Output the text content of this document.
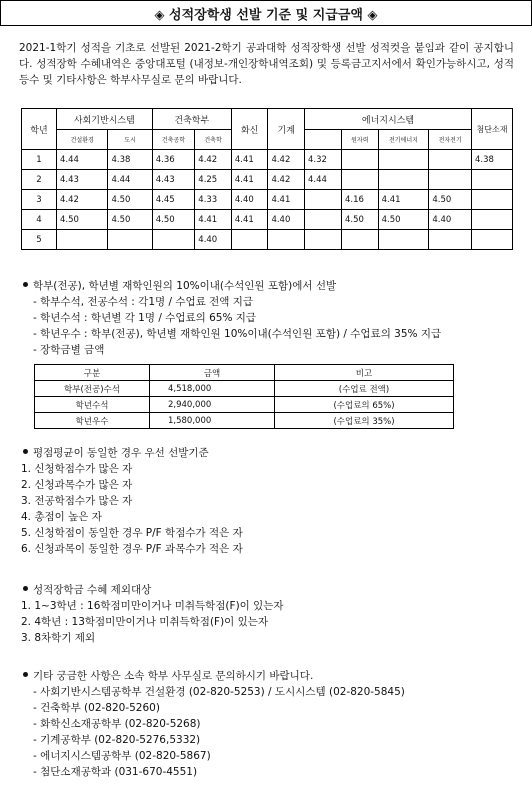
◈ 성적장학생 선발 기준 및 지급금액 ◈

2021-1학기 성적을 기초로 선발된 2021-2학기 공과대학 성적장학생 선발 성적컷을 붙임과 같이 공지합니다. 성적장학 수혜내역은 중앙대포털 (내정보-개인장학내역조회) 및 등록금고지서에서 확인가능하시고, 성적등수 및 기타사항은 학부사무실로 문의 바랍니다.

학년	사회기반시스템		건축학부		화신	기계	에너지시스템				첨단소재
	건설환경	도시	건축공학	건축학				원자력	전기에너지	전자전기	
1	4.44	4.38	4.36	4.42	4.41	4.42	4.32				4.38
2	4.43	4.44	4.43	4.25	4.41	4.42	4.44				
3	4.42	4.50	4.45	4.33	4.40	4.41		4.16	4.41	4.50	
4	4.50	4.50	4.50	4.41	4.41	4.40		4.50	4.50	4.40	
5				4.40							
학부(전공), 학년별 재학인원의 10%이내(수석인원 포함)에서 선발
- 학부수석, 전공수석 : 각1명 / 수업료 전액 지급
- 학년수석 : 학년별 각 1명 / 수업료의 65% 지급
- 학년우수 : 학부(전공), 학년별 재학인원 10%이내(수석인원 포함) / 수업료의 35% 지급
- 장학금별 금액
구분	금액	비고
학부(전공)수석	4,518,000	(수업료 전액)
학년수석	2,940,000	(수업료의 65%)
학년우수	1,580,000	(수업료의 35%)
평점평균이 동일한 경우 우선 선발기준
1. 신청학점수가 많은 자
2. 신청과목수가 많은 자
3. 전공학점수가 많은 자
4. 총점이 높은 자
5. 신청학점이 동일한 경우 P/F 학점수가 적은 자
6. 신청과목이 동일한 경우 P/F 과목수가 적은 자
성적장학금 수혜 제외대상
1. 1~3학년 : 16학점미만이거나 미취득학점(F)이 있는자
2. 4학년 : 13학점미만이거나 미취득학점(F)이 있는자
3. 8차학기 제외
기타 궁금한 사항은 소속 학부 사무실로 문의하시기 바랍니다.
- 사회기반시스템공학부 건설환경 (02-820-5253) / 도시시스템 (02-820-5845)
- 건축학부 (02-820-5260)
- 화학신소재공학부 (02-820-5268)
- 기계공학부 (02-820-5276,5332)
- 에너지시스템공학부 (02-820-5867)
- 첨단소재공학과 (031-670-4551)
